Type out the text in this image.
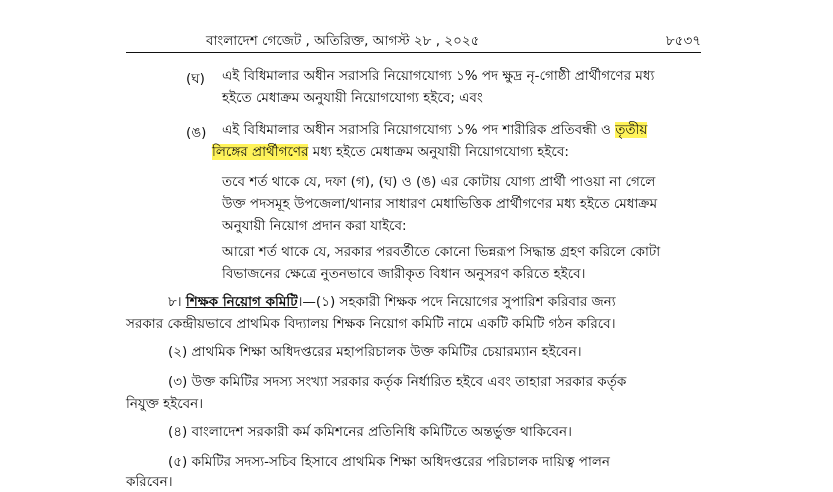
বাংলাদেশ গেজেট , অতিরিক্ত, আগস্ট ২৮ , ২০২৫	৮৫৩৭
(ঘ) এই বিধিমালার অধীন সরাসরি নিয়োগযোগ্য ১% পদ ক্ষুদ্র নৃ-গোষ্ঠী প্রার্থীগণের মধ্য
হইতে মেধাক্রম অনুযায়ী নিয়োগযোগ্য হইবে; এবং
(ঙ) এই বিধিমালার অধীন সরাসরি নিয়োগযোগ্য ১% পদ শারীরিক প্রতিবন্ধী ও তৃতীয়
লিঙ্গের প্রার্থীগণের মধ্য হইতে মেধাক্রম অনুযায়ী নিয়োগযোগ্য হইবে:
তবে শর্ত থাকে যে, দফা (গ), (ঘ) ও (ঙ) এর কোটায় যোগ্য প্রার্থী পাওয়া না গেলে
উক্ত পদসমূহ উপজেলা/থানার সাধারণ মেধাভিত্তিক প্রার্থীগণের মধ্য হইতে মেধাক্রম
অনুযায়ী নিয়োগ প্রদান করা যাইবে:
আরো শর্ত থাকে যে, সরকার পরবর্তীতে কোনো ভিন্নরূপ সিদ্ধান্ত গ্রহণ করিলে কোটা
বিভাজনের ক্ষেত্রে নুতনভাবে জারীকৃত বিধান অনুসরণ করিতে হইবে।
৮। শিক্ষক নিয়োগ কমিটি।—(১) সহকারী শিক্ষক পদে নিয়োগের সুপারিশ করিবার জন্য
সরকার কেন্দ্রীয়ভাবে প্রাথমিক বিদ্যালয় শিক্ষক নিয়োগ কমিটি নামে একটি কমিটি গঠন করিবে।
(২) প্রাথমিক শিক্ষা অধিদপ্তরের মহাপরিচালক উক্ত কমিটির চেয়ারম্যান হইবেন।
(৩) উক্ত কমিটির সদস্য সংখ্যা সরকার কর্তৃক নির্ধারিত হইবে এবং তাহারা সরকার কর্তৃক
নিযুক্ত হইবেন।
(৪) বাংলাদেশ সরকারী কর্ম কমিশনের প্রতিনিধি কমিটিতে অন্তর্ভুক্ত থাকিবেন।
(৫) কমিটির সদস্য-সচিব হিসাবে প্রাথমিক শিক্ষা অধিদপ্তরের পরিচালক দায়িত্ব পালন
করিবেন।
